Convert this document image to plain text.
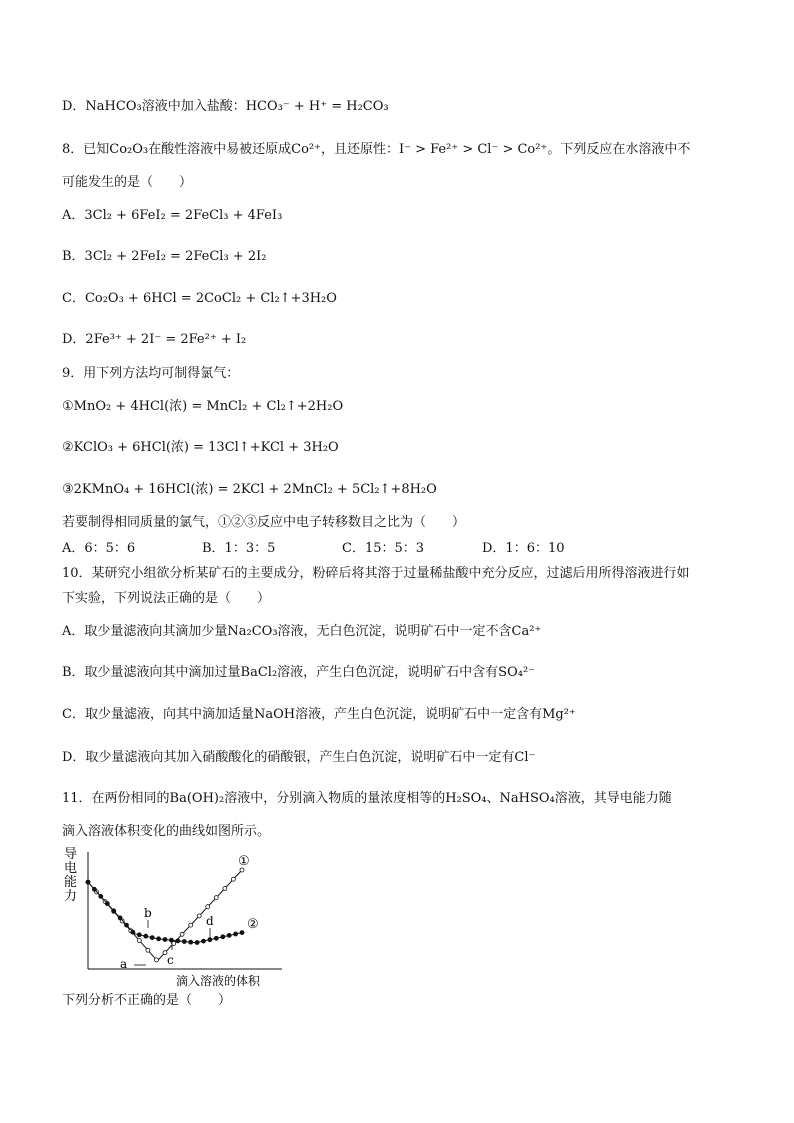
D．NaHCO₃溶液中加入盐酸：HCO₃⁻ + H⁺ = H₂CO₃
8．已知Co₂O₃在酸性溶液中易被还原成Co²⁺，且还原性：I⁻ > Fe²⁺ > Cl⁻ > Co²⁺。下列反应在水溶液中不
可能发生的是（　　）
A．3Cl₂ + 6FeI₂ = 2FeCl₃ + 4FeI₃
B．3Cl₂ + 2FeI₂ = 2FeCl₃ + 2I₂
C．Co₂O₃ + 6HCl = 2CoCl₂ + Cl₂↑+3H₂O
D．2Fe³⁺ + 2I⁻ = 2Fe²⁺ + I₂
9．用下列方法均可制得氯气：
①MnO₂ + 4HCl(浓) = MnCl₂ + Cl₂↑+2H₂O
②KClO₃ + 6HCl(浓) = 13Cl↑+KCl + 3H₂O
③2KMnO₄ + 16HCl(浓) = 2KCl + 2MnCl₂ + 5Cl₂↑+8H₂O
若要制得相同质量的氯气，①②③反应中电子转移数目之比为（　　）
A．6：5：6	B．1：3：5	C．15：5：3	D．1：6：10
10．某研究小组欲分析某矿石的主要成分，粉碎后将其溶于过量稀盐酸中充分反应，过滤后用所得溶液进行如
下实验，下列说法正确的是（　　）
A．取少量滤液向其滴加少量Na₂CO₃溶液，无白色沉淀，说明矿石中一定不含Ca²⁺
B．取少量滤液向其中滴加过量BaCl₂溶液，产生白色沉淀，说明矿石中含有SO₄²⁻
C．取少量滤液，向其中滴加适量NaOH溶液，产生白色沉淀，说明矿石中一定含有Mg²⁺
D．取少量滤液向其加入硝酸酸化的硝酸银，产生白色沉淀，说明矿石中一定有Cl⁻
11．在两份相同的Ba(OH)₂溶液中，分别滴入物质的量浓度相等的H₂SO₄、NaHSO₄溶液，其导电能力随
滴入溶液体积变化的曲线如图所示。
导
电
能
力
滴入溶液的体积
a
b
c
d
①
②
下列分析不正确的是（　　）
